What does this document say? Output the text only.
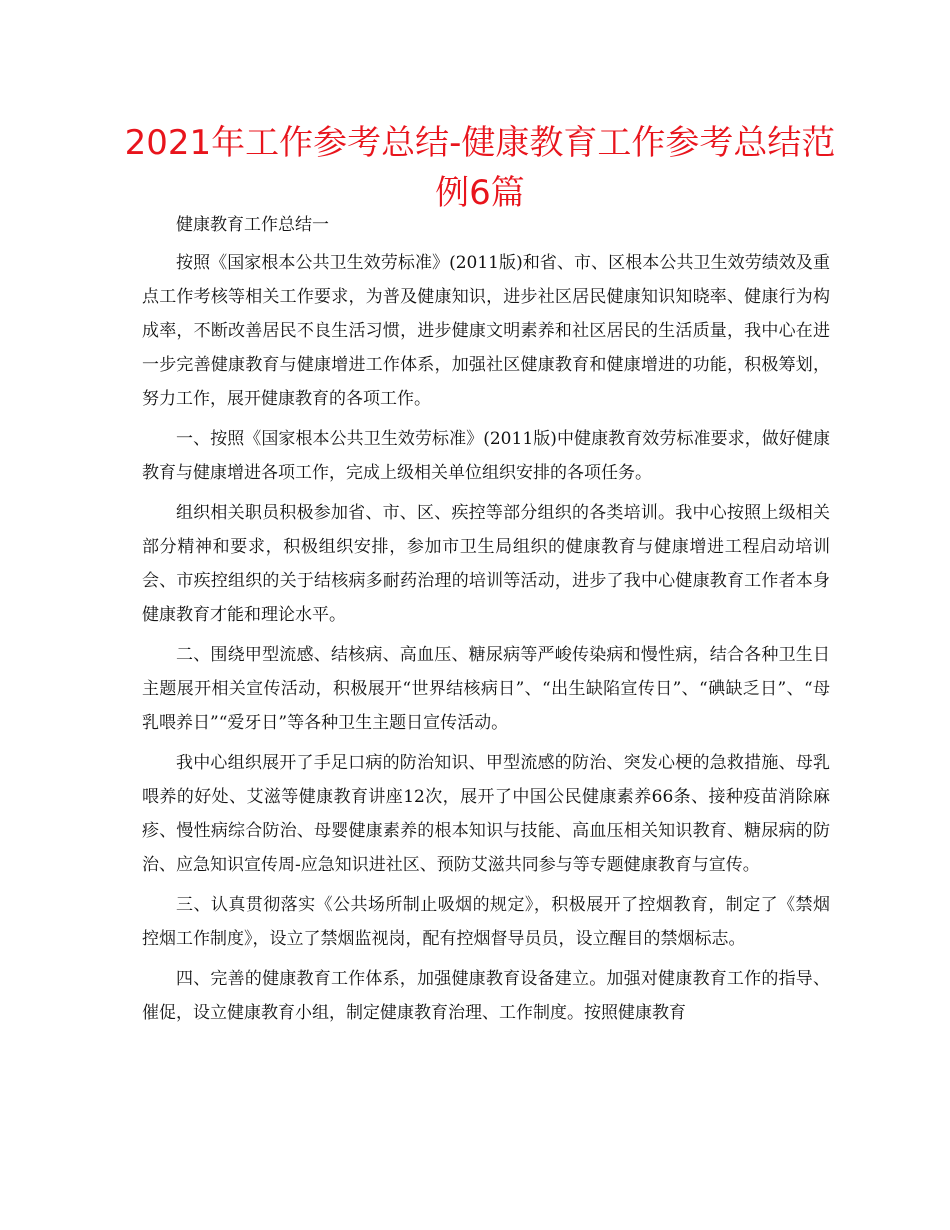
2021年工作参考总结-健康教育工作参考总结范例6篇

健康教育工作总结一

按照《国家根本公共卫生效劳标准》(2011版)和省、市、区根本公共卫生效劳绩效及重点工作考核等相关工作要求，为普及健康知识，进步社区居民健康知识知晓率、健康行为构成率，不断改善居民不良生活习惯，进步健康文明素养和社区居民的生活质量，我中心在进一步完善健康教育与健康增进工作体系，加强社区健康教育和健康增进的功能，积极筹划，努力工作，展开健康教育的各项工作。

一、按照《国家根本公共卫生效劳标准》(2011版)中健康教育效劳标准要求，做好健康教育与健康增进各项工作，完成上级相关单位组织安排的各项任务。

组织相关职员积极参加省、市、区、疾控等部分组织的各类培训。我中心按照上级相关部分精神和要求，积极组织安排，参加市卫生局组织的健康教育与健康增进工程启动培训会、市疾控组织的关于结核病多耐药治理的培训等活动，进步了我中心健康教育工作者本身健康教育才能和理论水平。

二、围绕甲型流感、结核病、高血压、糖尿病等严峻传染病和慢性病，结合各种卫生日主题展开相关宣传活动，积极展开“世界结核病日”、“出生缺陷宣传日”、“碘缺乏日”、“母乳喂养日”“爱牙日”等各种卫生主题日宣传活动。

我中心组织展开了手足口病的防治知识、甲型流感的防治、突发心梗的急救措施、母乳喂养的好处、艾滋等健康教育讲座12次，展开了中国公民健康素养66条、接种疫苗消除麻疹、慢性病综合防治、母婴健康素养的根本知识与技能、高血压相关知识教育、糖尿病的防治、应急知识宣传周-应急知识进社区、预防艾滋共同参与等专题健康教育与宣传。

三、认真贯彻落实《公共场所制止吸烟的规定》，积极展开了控烟教育，制定了《禁烟控烟工作制度》，设立了禁烟监视岗，配有控烟督导员员，设立醒目的禁烟标志。

四、完善的健康教育工作体系，加强健康教育设备建立。加强对健康教育工作的指导、催促，设立健康教育小组，制定健康教育治理、工作制度。按照健康教育
